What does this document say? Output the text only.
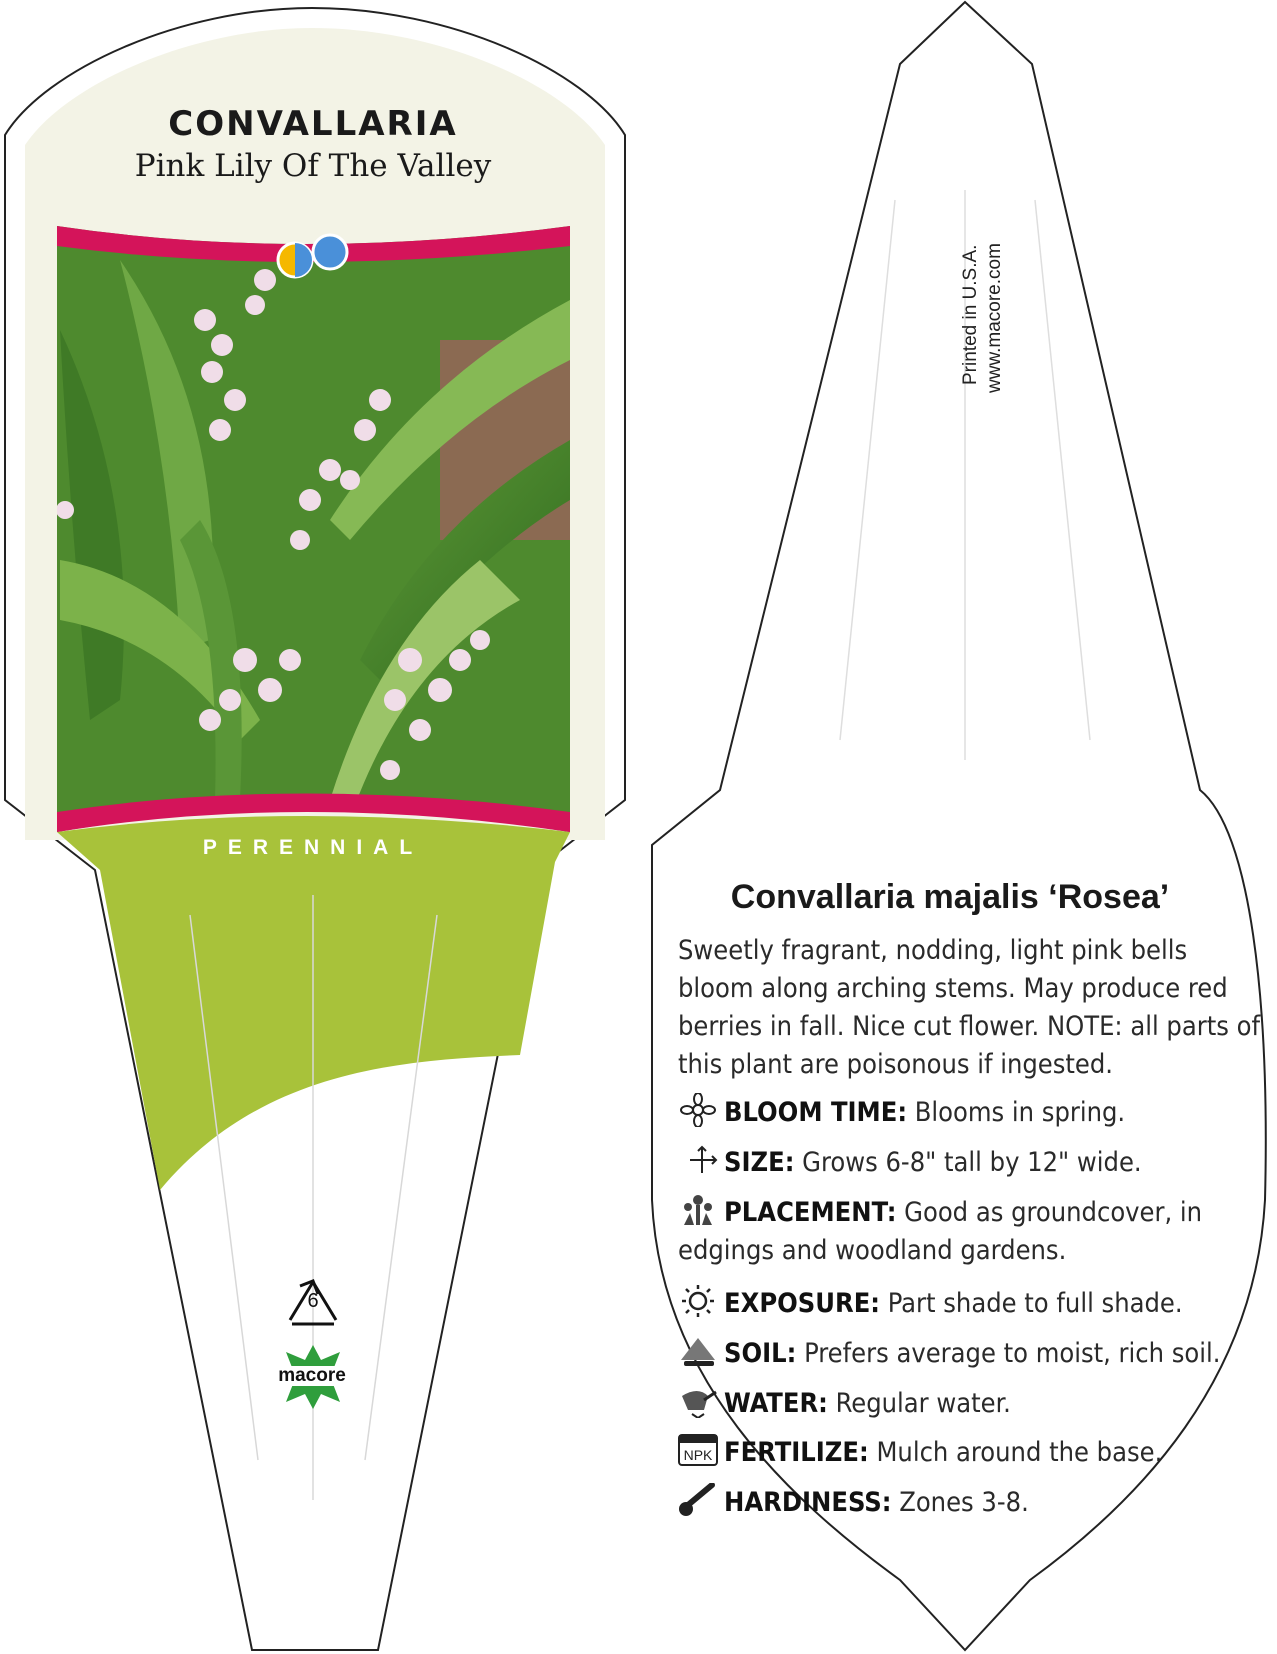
CONVALLARIA
Pink Lily Of The Valley
PERENNIAL
6
macore
Printed in U.S.A. www.macore.com
Convallaria majalis ‘Rosea’
Sweetly fragrant, nodding, light pink bells bloom along arching stems. May produce red berries in fall. Nice cut flower. NOTE: all parts of this plant are poisonous if ingested.
BLOOM TIME: Blooms in spring.
SIZE: Grows 6-8" tall by 12" wide.
PLACEMENT: Good as groundcover, in edgings and woodland gardens.
EXPOSURE: Part shade to full shade.
SOIL: Prefers average to moist, rich soil.
WATER: Regular water.
NPK FERTILIZE: Mulch around the base.
HARDINESS: Zones 3-8.
